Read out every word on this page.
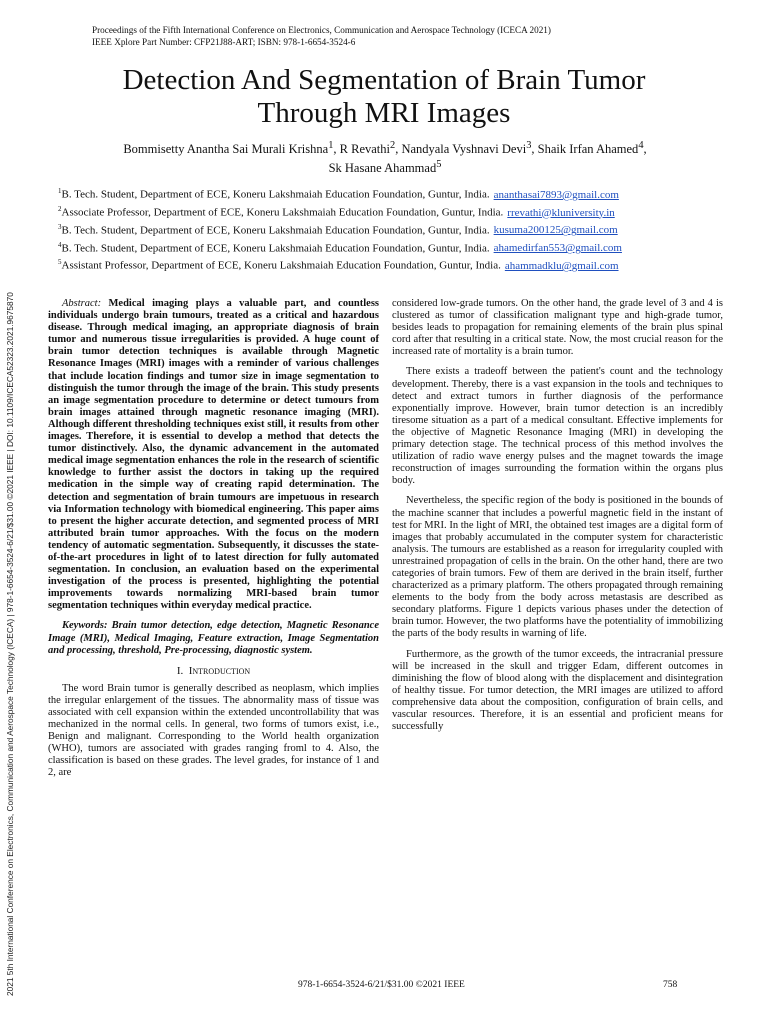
Proceedings of the Fifth International Conference on Electronics, Communication and Aerospace Technology (ICECA 2021)
IEEE Xplore Part Number: CFP21J88-ART; ISBN: 978-1-6654-3524-6
Detection And Segmentation of Brain Tumor
Through MRI Images
Bommisetty Anantha Sai Murali Krishna$^1$, R Revathi$^2$, Nandyala Vyshnavi Devi$^3$, Shaik Irfan Ahamed$^4$,
Sk Hasane Ahammad$^5$
$^1$B. Tech. Student, Department of ECE, Koneru Lakshmaiah Education Foundation, Guntur, India. ananthasai7893@gmail.com
$^2$Associate Professor, Department of ECE, Koneru Lakshmaiah Education Foundation, Guntur, India. rrevathi@kluniversity.in
$^3$B. Tech. Student, Department of ECE, Koneru Lakshmaiah Education Foundation, Guntur, India. kusuma200125@gmail.com
$^4$B. Tech. Student, Department of ECE, Koneru Lakshmaiah Education Foundation, Guntur, India. ahamedirfan553@gmail.com
$^5$Assistant Professor, Department of ECE, Koneru Lakshmaiah Education Foundation, Guntur, India. ahammadklu@gmail.com
2021 5th International Conference on Electronics, Communication and Aerospace Technology (ICECA) | 978-1-6654-3524-6/21/$31.00 ©2021 IEEE | DOI: 10.1109/ICECA52323.2021.9675870	Abstract: Medical imaging plays a valuable part, and countless individuals undergo brain tumours, treated as a critical and hazardous disease. Through medical imaging, an appropriate diagnosis of brain tumor and numerous tissue irregularities is provided. A huge count of brain tumor detection techniques is available through Magnetic Resonance Images (MRI) images with a reminder of various challenges that include location findings and tumor size in image segmentation to distinguish the tumor through the image of the brain. This study presents an image segmentation procedure to determine or detect tumours from brain images attained through magnetic resonance imaging (MRI). Although different thresholding techniques exist still, it results from other images. Therefore, it is essential to develop a method that detects the tumor distinctively. Also, the dynamic advancement in the automated medical image segmentation enhances the role in the research of scientific knowledge to further assist the doctors in taking up the required medication in the simple way of creating rapid determination. The detection and segmentation of brain tumours are impetuous in research via Information technology with biomedical engineering. This paper aims to present the higher accurate detection, and segmented process of MRI attributed brain tumor approaches. With the focus on the modern tendency of automatic segmentation. Subsequently, it discusses the state-of-the-art procedures in light of to latest direction for fully automated segmentation. In conclusion, an evaluation based on the experimental investigation of the process is presented, highlighting the potential improvements towards normalizing MRI-based brain tumor segmentation techniques within everyday medical practice.

Keywords: Brain tumor detection, edge detection, Magnetic Resonance Image (MRI), Medical Imaging, Feature extraction, Image Segmentation and processing, threshold, Pre-processing, diagnostic system.

I. Introduction

The word Brain tumor is generally described as neoplasm, which implies the irregular enlargement of the tissues. The abnormality mass of tissue was associated with cell expansion within the extended uncontrollability that was mechanized in the normal cells. In general, two forms of tumors exist, i.e., Benign and malignant. Corresponding to the World health organization (WHO), tumors are associated with grades ranging froml to 4. Also, the classification is based on these grades. The level grades, for instance of 1 and 2, are

considered low-grade tumors. On the other hand, the grade level of 3 and 4 is clustered as tumor of classification malignant type and high-grade tumor, besides leads to propagation for remaining elements of the brain plus spinal cord after that resulting in a critical state. Now, the most crucial reason for the increased rate of mortality is a brain tumor.

There exists a tradeoff between the patient's count and the technology development. Thereby, there is a vast expansion in the tools and techniques to detect and extract tumors in further diagnosis of the performance exponentially improve. However, brain tumor detection is an incredibly tiresome situation as a part of a medical consultant. Effective implements for the objective of Magnetic Resonance Imaging (MRI) in developing the primary detection stage. The technical process of this method involves the utilization of radio wave energy pulses and the magnet towards the image reconstruction of images surrounding the formation within the organs plus body.

Nevertheless, the specific region of the body is positioned in the bounds of the machine scanner that includes a powerful magnetic field in the instant of test for MRI. In the light of MRI, the obtained test images are a digital form of images that probably accumulated in the computer system for characteristic analysis. The tumours are established as a reason for irregularity coupled with unrestrained propagation of cells in the brain. On the other hand, there are two categories of brain tumors. Few of them are derived in the brain itself, further characterized as a primary platform. The others propagated through remaining elements to the body from the body across metastasis are described as secondary platforms. Figure 1 depicts various phases under the detection of brain tumor. However, the two platforms have the potentiality of immobilizing the parts of the body results in warning of life.

Furthermore, as the growth of the tumor exceeds, the intracranial pressure will be increased in the skull and trigger Edam, different outcomes in diminishing the flow of blood along with the displacement and disintegration of healthy tissue. For tumor detection, the MRI images are utilized to afford comprehensive data about the composition, configuration of brain cells, and vascular resources. Therefore, it is an essential and proficient means for successfully

978-1-6654-3524-6/21/$31.00 ©2021 IEEE	758
